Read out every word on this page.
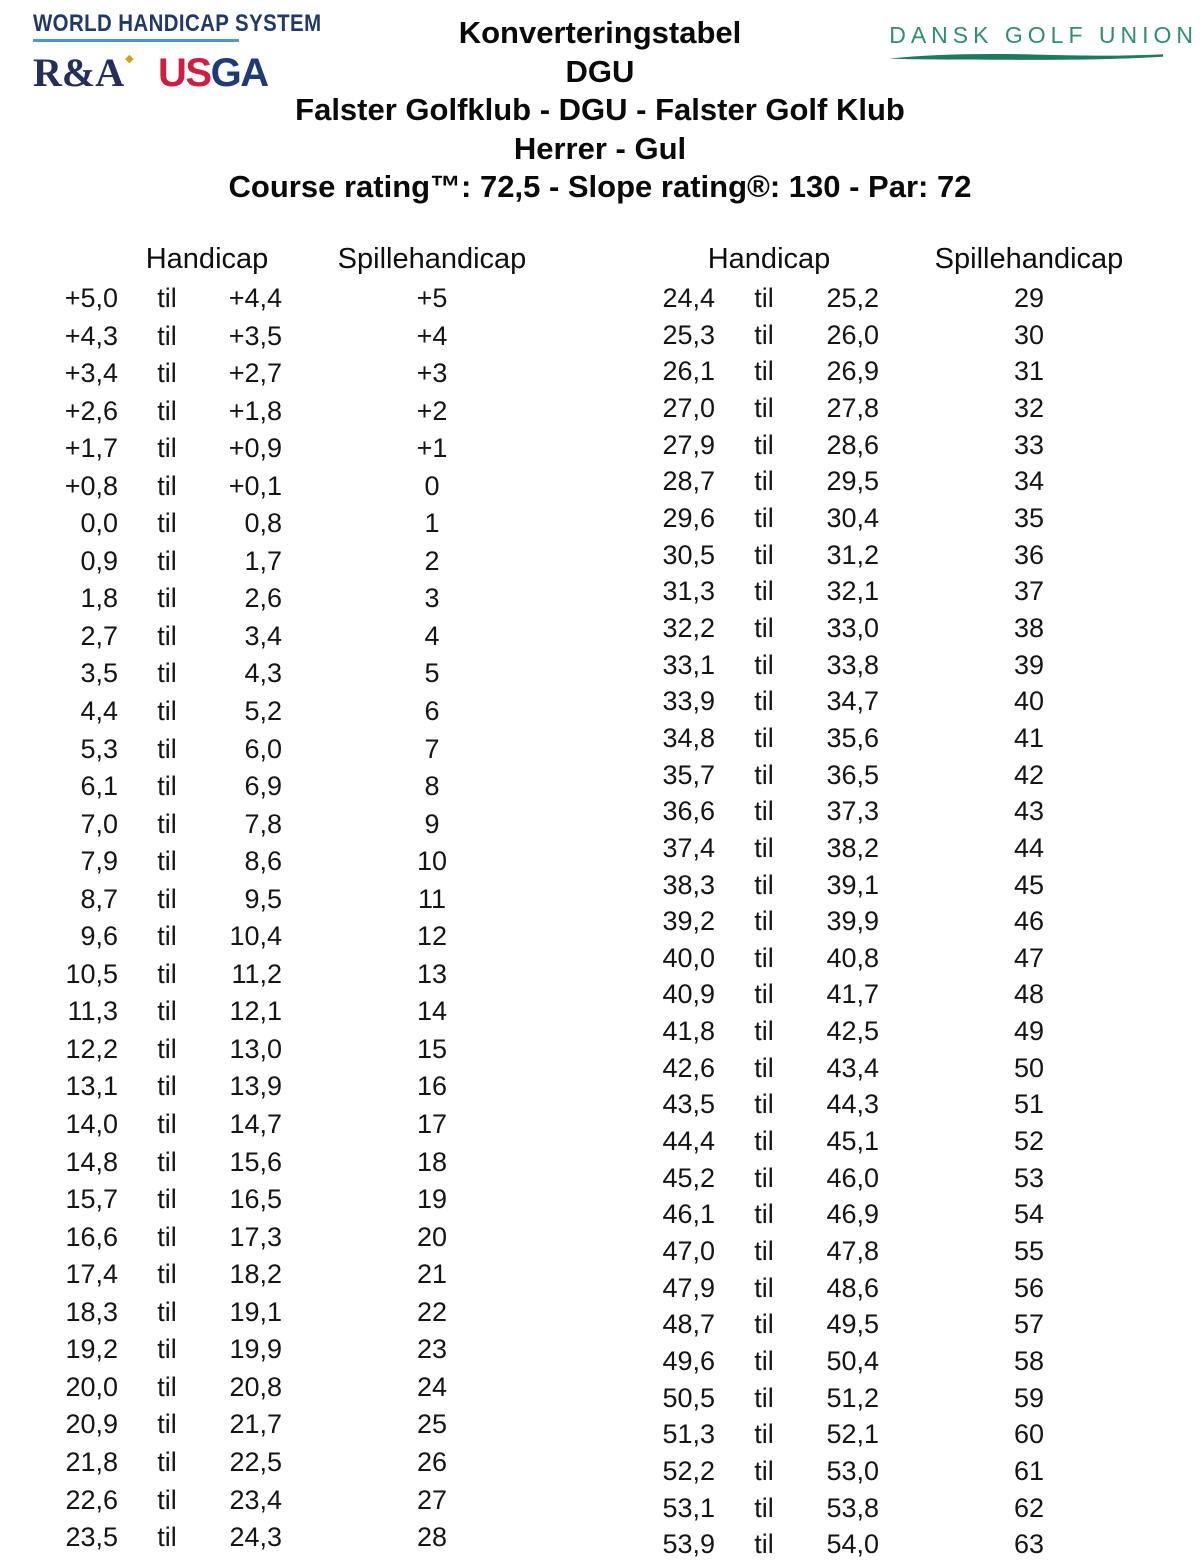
WORLD HANDICAP SYSTEM
R&A◆ USGA
DANSK GOLF UNION
Konverteringstabel
DGU
Falster Golfklub - DGU - Falster Golf Klub
Herrer - Gul
Course rating™: 72,5 - Slope rating®: 130 - Par: 72
Handicap	Spillehandicap
+5,0	til	+4,4	+5
+4,3	til	+3,5	+4
+3,4	til	+2,7	+3
+2,6	til	+1,8	+2
+1,7	til	+0,9	+1
+0,8	til	+0,1	0
0,0	til	0,8	1
0,9	til	1,7	2
1,8	til	2,6	3
2,7	til	3,4	4
3,5	til	4,3	5
4,4	til	5,2	6
5,3	til	6,0	7
6,1	til	6,9	8
7,0	til	7,8	9
7,9	til	8,6	10
8,7	til	9,5	11
9,6	til	10,4	12
10,5	til	11,2	13
11,3	til	12,1	14
12,2	til	13,0	15
13,1	til	13,9	16
14,0	til	14,7	17
14,8	til	15,6	18
15,7	til	16,5	19
16,6	til	17,3	20
17,4	til	18,2	21
18,3	til	19,1	22
19,2	til	19,9	23
20,0	til	20,8	24
20,9	til	21,7	25
21,8	til	22,5	26
22,6	til	23,4	27
23,5	til	24,3	28
Handicap	Spillehandicap
24,4	til	25,2	29
25,3	til	26,0	30
26,1	til	26,9	31
27,0	til	27,8	32
27,9	til	28,6	33
28,7	til	29,5	34
29,6	til	30,4	35
30,5	til	31,2	36
31,3	til	32,1	37
32,2	til	33,0	38
33,1	til	33,8	39
33,9	til	34,7	40
34,8	til	35,6	41
35,7	til	36,5	42
36,6	til	37,3	43
37,4	til	38,2	44
38,3	til	39,1	45
39,2	til	39,9	46
40,0	til	40,8	47
40,9	til	41,7	48
41,8	til	42,5	49
42,6	til	43,4	50
43,5	til	44,3	51
44,4	til	45,1	52
45,2	til	46,0	53
46,1	til	46,9	54
47,0	til	47,8	55
47,9	til	48,6	56
48,7	til	49,5	57
49,6	til	50,4	58
50,5	til	51,2	59
51,3	til	52,1	60
52,2	til	53,0	61
53,1	til	53,8	62
53,9	til	54,0	63
